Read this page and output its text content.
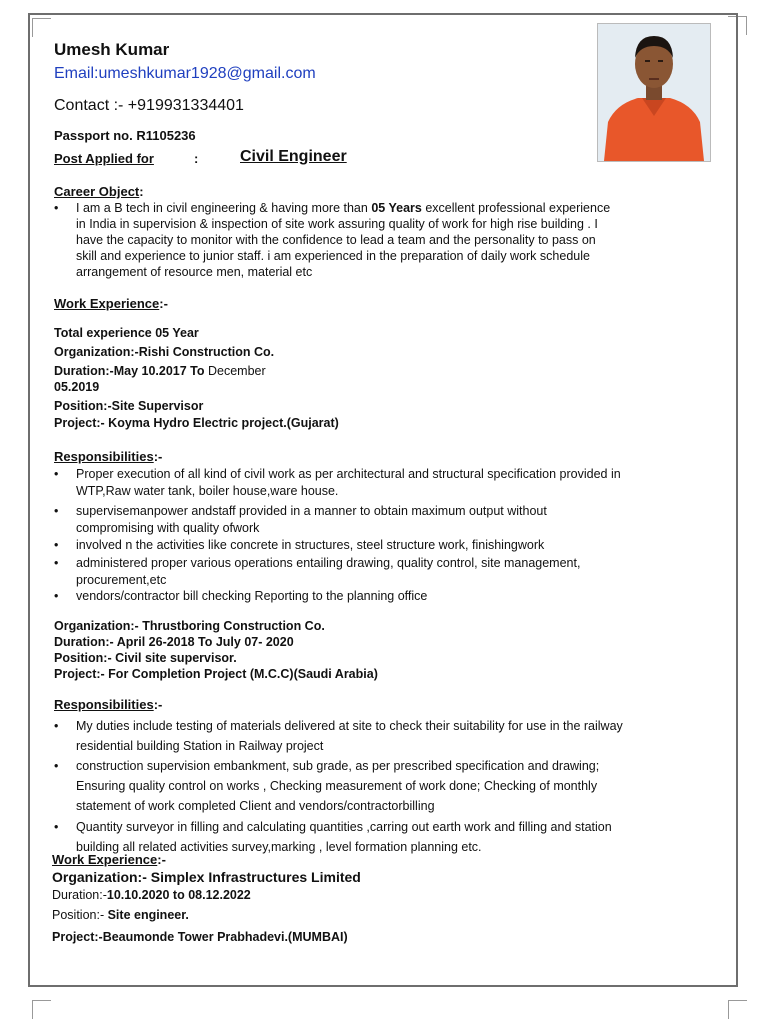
Umesh Kumar
Email:umeshkumar1928@gmail.com
Contact :- +919931334401
Passport no. R1105236
Post Applied for	:	Civil Engineer
Career Object:
• I am a B tech in civil engineering & having more than 05 Years excellent professional experience
in India in supervision & inspection of site work assuring quality of work for high rise building . I
have the capacity to monitor with the confidence to lead a team and the personality to pass on
skill and experience to junior staff. i am experienced in the preparation of daily work schedule
arrangement of resource men, material etc
Work Experience:-
Total experience 05 Year
Organization:-Rishi Construction Co.
Duration:-May 10.2017 To December
05.2019
Position:-Site Supervisor
Project:- Koyma Hydro Electric project.(Gujarat)
Responsibilities:-
• Proper execution of all kind of civil work as per architectural and structural specification provided in
WTP,Raw water tank, boiler house,ware house.
• supervisemanpower andstaff provided in a manner to obtain maximum output without
compromising with quality ofwork
• involved n the activities like concrete in structures, steel structure work, finishingwork
• administered proper various operations entailing drawing, quality control, site management,
procurement,etc
• vendors/contractor bill checking Reporting to the planning office
Organization:- Thrustboring Construction Co.
Duration:- April 26-2018 To July 07- 2020
Position:- Civil site supervisor.
Project:- For Completion Project (M.C.C)(Saudi Arabia)
Responsibilities:-
• My duties include testing of materials delivered at site to check their suitability for use in the railway
residential building Station in Railway project
• construction supervision embankment, sub grade, as per prescribed specification and drawing;
Ensuring quality control on works , Checking measurement of work done; Checking of monthly
statement of work completed Client and vendors/contractorbilling
• Quantity surveyor in filling and calculating quantities ,carring out earth work and filling and station
building all related activities survey,marking , level formation planning etc.
Work Experience:-
Organization:- Simplex Infrastructures Limited
Duration:-10.10.2020 to 08.12.2022
Position:- Site engineer.
Project:-Beaumonde Tower Prabhadevi.(MUMBAI)
